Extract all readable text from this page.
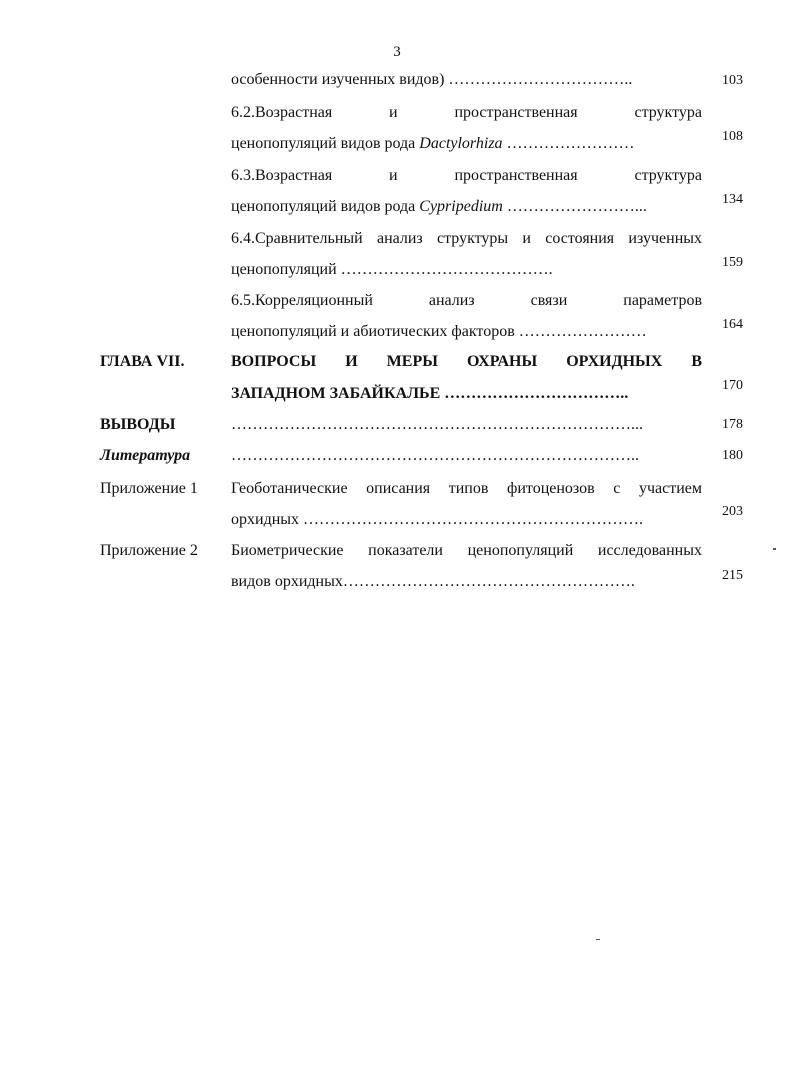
3
особенности изученных видов) ……………………………..	103
6.2.Возрастная и пространственная структура
ценопопуляций видов рода Dactylorhiza ……………………	108
6.3.Возрастная и пространственная структура
ценопопуляций видов рода Cypripedium ……………………...	134
6.4.Сравнительный анализ структуры и состояния изученных
ценопопуляций ………………………………….	159
6.5.Корреляционный анализ связи параметров
ценопопуляций и абиотических факторов ……………………	164
ГЛАВА VII.	ВОПРОСЫ И МЕРЫ ОХРАНЫ ОРХИДНЫХ В
ЗАПАДНОМ ЗАБАЙКАЛЬЕ ……………………………..	170
ВЫВОДЫ	…………………………………………………………………...	178
Литература	…………………………………………………………………..	180
Приложение 1 Геоботанические описания типов фитоценозов с участием
орхидных ……………………………………………………….	203
Приложение 2 Биометрические показатели ценопопуляций исследованных
видов орхидных……………………………………………….	215
